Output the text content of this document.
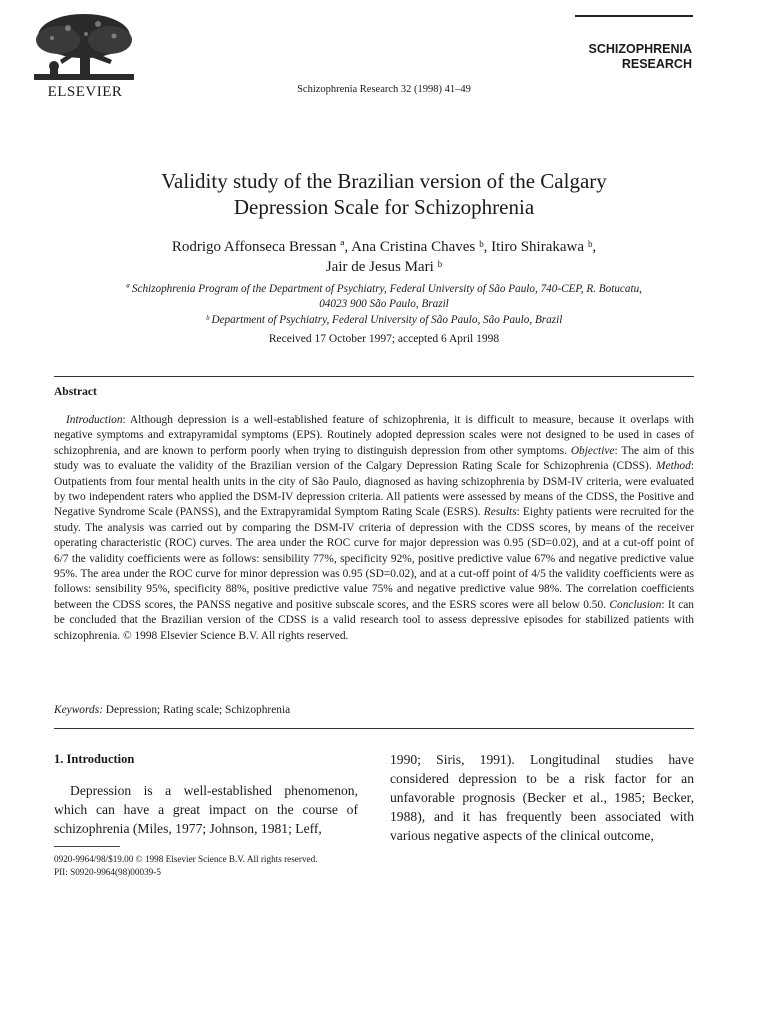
ELSEVIER
SCHIZOPHRENIA
RESEARCH
Schizophrenia Research 32 (1998) 41–49
Validity study of the Brazilian version of the Calgary
Depression Scale for Schizophrenia
Rodrigo Affonseca Bressan ª, Ana Cristina Chaves ᵇ, Itiro Shirakawa ᵇ,
Jair de Jesus Mari ᵇ
ª Schizophrenia Program of the Department of Psychiatry, Federal University of São Paulo, 740-CEP, R. Botucatu,
04023 900 São Paulo, Brazil
ᵇ Department of Psychiatry, Federal University of São Paulo, São Paulo, Brazil
Received 17 October 1997; accepted 6 April 1998
Abstract

Introduction: Although depression is a well-established feature of schizophrenia, it is difficult to measure, because it overlaps with negative symptoms and extrapyramidal symptoms (EPS). Routinely adopted depression scales were not designed to be used in cases of schizophrenia, and are known to perform poorly when trying to distinguish depression from other symptoms. Objective: The aim of this study was to evaluate the validity of the Brazilian version of the Calgary Depression Rating Scale for Schizophrenia (CDSS). Method: Outpatients from four mental health units in the city of São Paulo, diagnosed as having schizophrenia by DSM-IV criteria, were evaluated by two independent raters who applied the DSM-IV depression criteria. All patients were assessed by means of the CDSS, the Positive and Negative Syndrome Scale (PANSS), and the Extrapyramidal Symptom Rating Scale (ESRS). Results: Eighty patients were recruited for the study. The analysis was carried out by comparing the DSM-IV criteria of depression with the CDSS scores, by means of the receiver operating characteristic (ROC) curves. The area under the ROC curve for major depression was 0.95 (SD=0.02), and at a cut-off point of 6/7 the validity coefficients were as follows: sensibility 77%, specificity 92%, positive predictive value 67% and negative predictive value 95%. The area under the ROC curve for minor depression was 0.95 (SD=0.02), and at a cut-off point of 4/5 the validity coefficients were as follows: sensibility 95%, specificity 88%, positive predictive value 75% and negative predictive value 98%. The correlation coefficients between the CDSS scores, the PANSS negative and positive subscale scores, and the ESRS scores were all below 0.50. Conclusion: It can be concluded that the Brazilian version of the CDSS is a valid research tool to assess depressive episodes for stabilized patients with schizophrenia. © 1998 Elsevier Science B.V. All rights reserved.

Keywords: Depression; Rating scale; Schizophrenia

1. Introduction

Depression is a well-established phenomenon, which can have a great impact on the course of schizophrenia (Miles, 1977; Johnson, 1981; Leff,

1990; Siris, 1991). Longitudinal studies have considered depression to be a risk factor for an unfavorable prognosis (Becker et al., 1985; Becker, 1988), and it has frequently been associated with various negative aspects of the clinical outcome,

0920-9964/98/$19.00 © 1998 Elsevier Science B.V. All rights reserved.
PII: S0920-9964(98)00039-5
